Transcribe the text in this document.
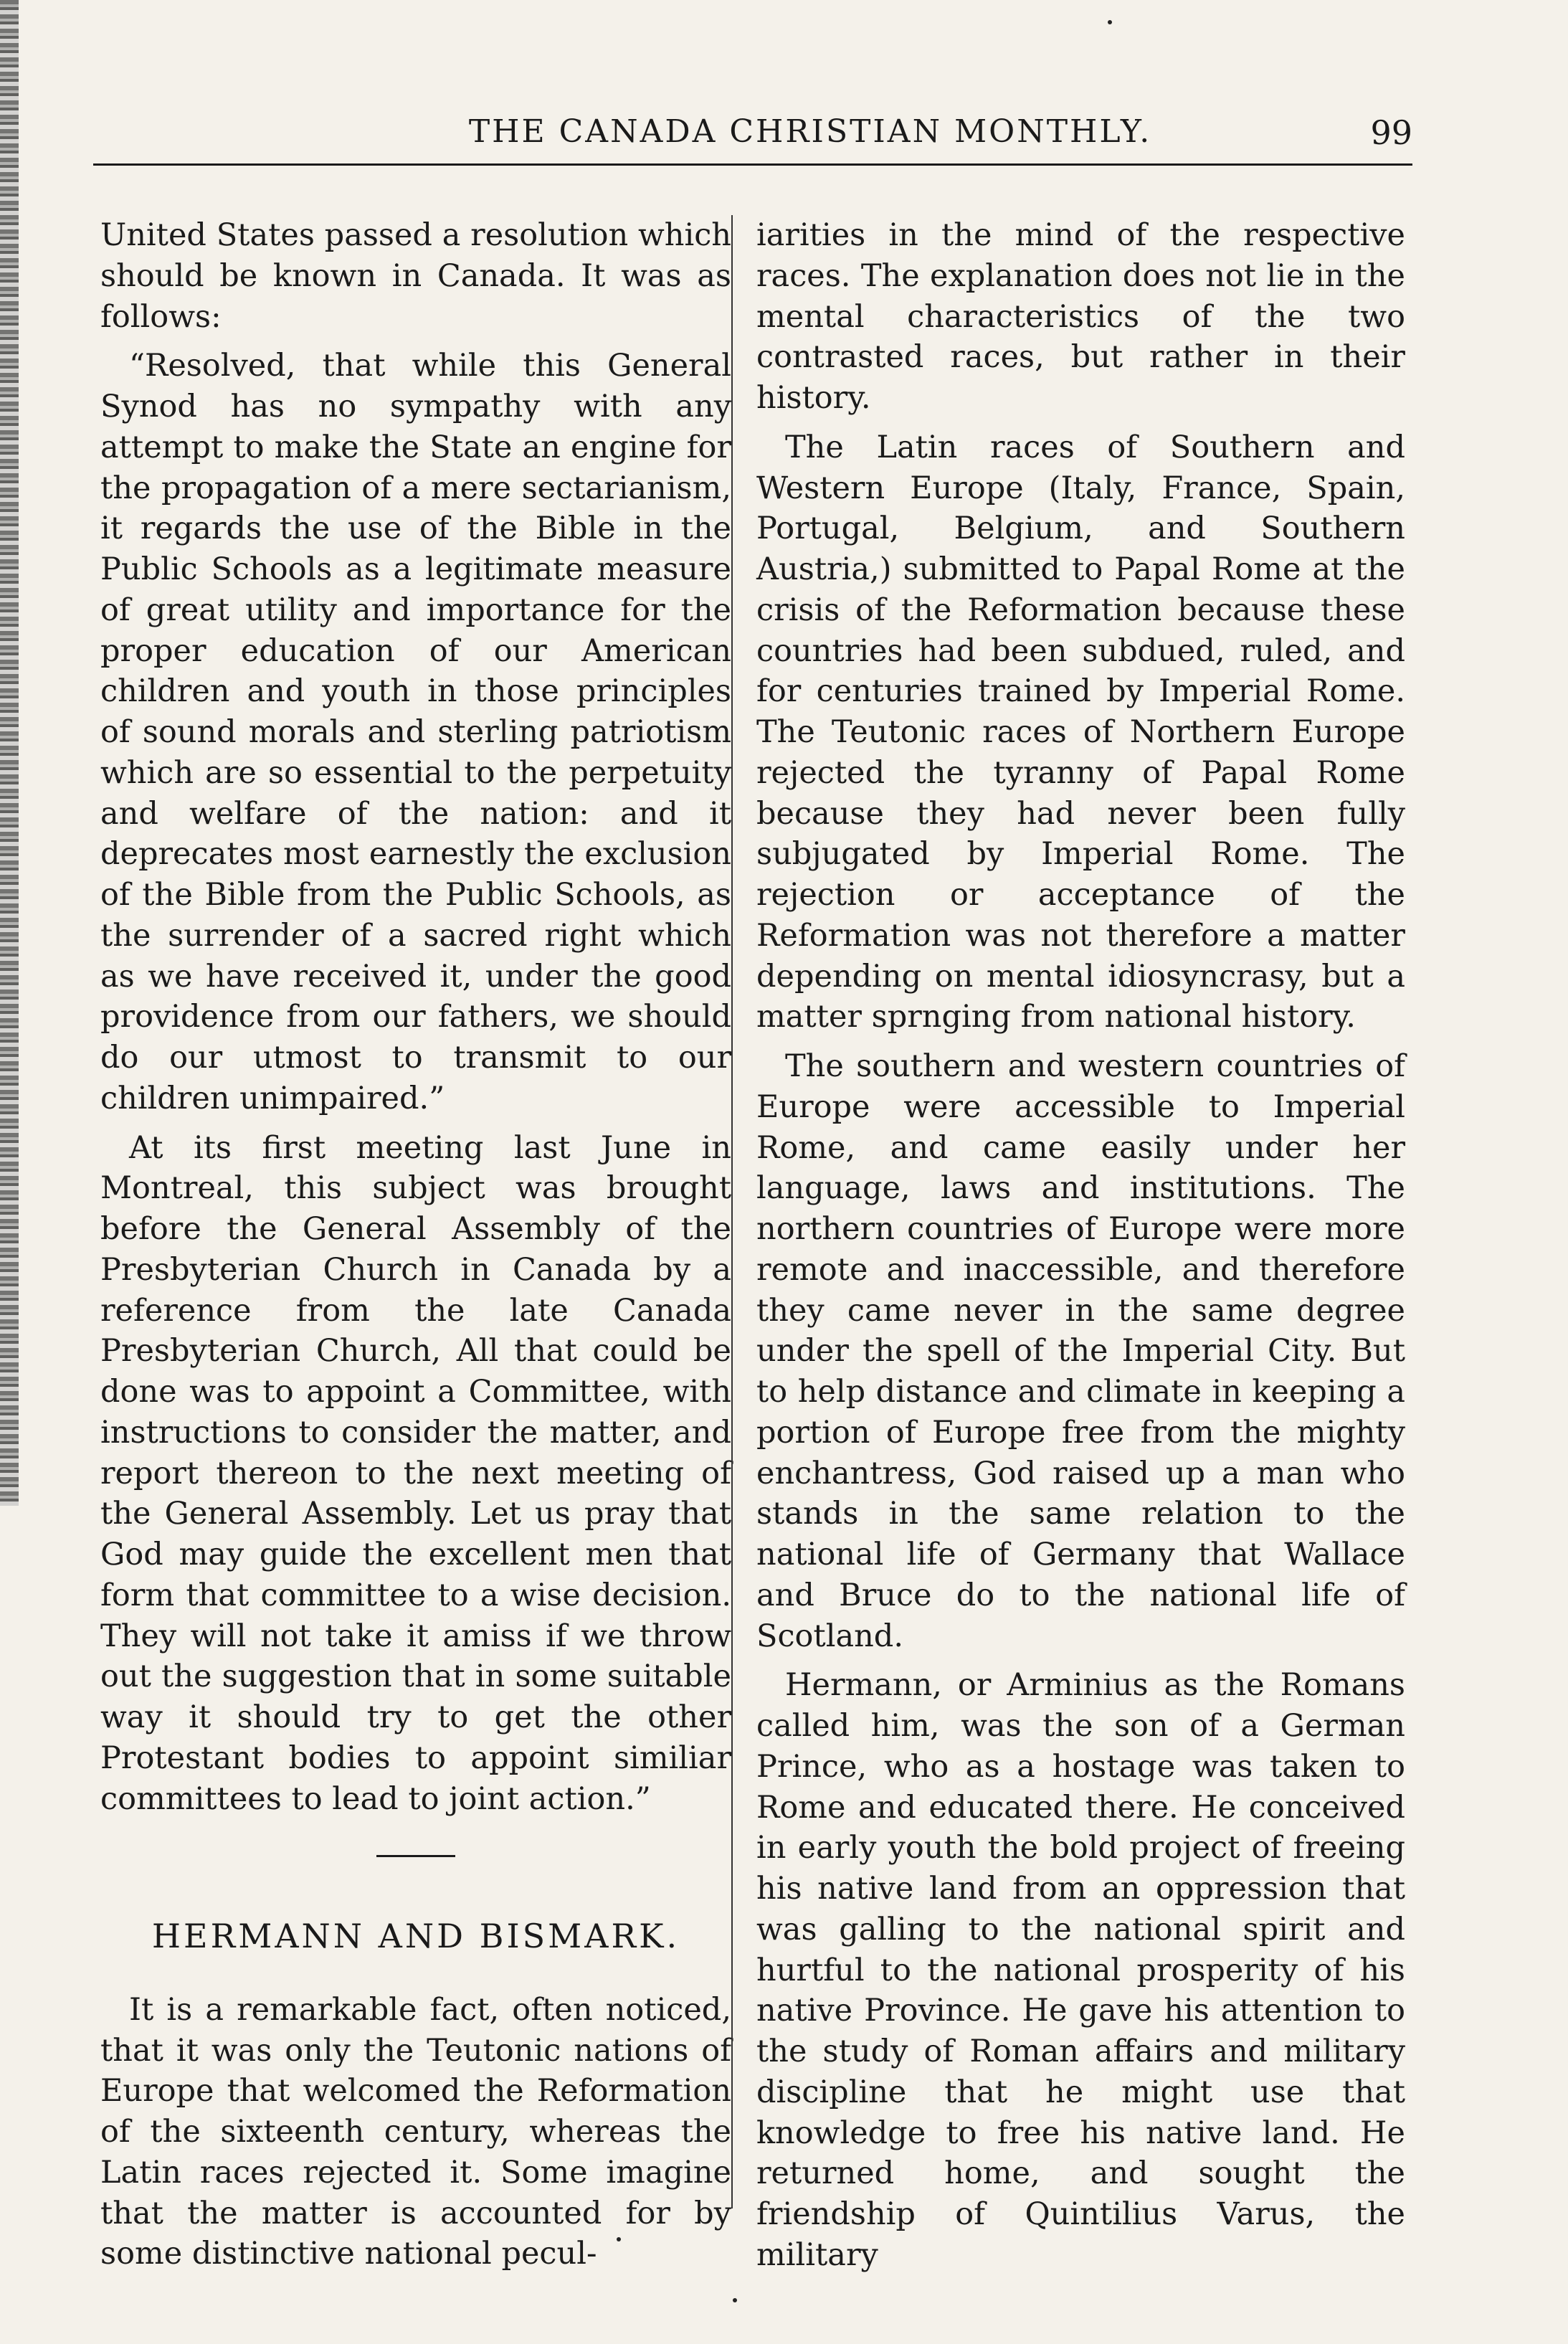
THE CANADA CHRISTIAN MONTHLY.	99

United States passed a resolution which should be known in Canada. It was as follows:

“Resolved, that while this General Synod has no sympathy with any attempt to make the State an engine for the propagation of a mere sectarianism, it regards the use of the Bible in the Public Schools as a legitimate measure of great utility and importance for the proper education of our American children and youth in those principles of sound morals and sterling patriotism which are so essential to the perpetuity and welfare of the nation: and it deprecates most earnestly the exclusion of the Bible from the Public Schools, as the surrender of a sacred right which as we have received it, under the good providence from our fathers, we should do our utmost to transmit to our children unimpaired.”

At its first meeting last June in Montreal, this subject was brought before the General Assembly of the Presbyterian Church in Canada by a reference from the late Canada Presbyterian Church, All that could be done was to appoint a Committee, with instructions to consider the matter, and report thereon to the next meeting of the General Assembly. Let us pray that God may guide the excellent men that form that committee to a wise decision. They will not take it amiss if we throw out the suggestion that in some suitable way it should try to get the other Protestant bodies to appoint similiar committees to lead to joint action.”

HERMANN AND BISMARK.

It is a remarkable fact, often noticed, that it was only the Teutonic nations of Europe that welcomed the Reformation of the sixteenth century, whereas the Latin races rejected it. Some imagine that the matter is accounted for by some distinctive national pecul-

iarities in the mind of the respective races. The explanation does not lie in the mental characteristics of the two contrasted races, but rather in their history.

The Latin races of Southern and Western Europe (Italy, France, Spain, Portugal, Belgium, and Southern Austria,) submitted to Papal Rome at the crisis of the Reformation because these countries had been subdued, ruled, and for centuries trained by Imperial Rome. The Teutonic races of Northern Europe rejected the tyranny of Papal Rome because they had never been fully subjugated by Imperial Rome. The rejection or acceptance of the Reformation was not therefore a matter depending on mental idiosyncrasy, but a matter sprnging from national history.

The southern and western countries of Europe were accessible to Imperial Rome, and came easily under her language, laws and institutions. The northern countries of Europe were more remote and inaccessible, and therefore they came never in the same degree under the spell of the Imperial City. But to help distance and climate in keeping a portion of Europe free from the mighty enchantress, God raised up a man who stands in the same relation to the national life of Germany that Wallace and Bruce do to the national life of Scotland.

Hermann, or Arminius as the Romans called him, was the son of a German Prince, who as a hostage was taken to Rome and educated there. He conceived in early youth the bold project of freeing his native land from an oppression that was galling to the national spirit and hurtful to the national prosperity of his native Province. He gave his attention to the study of Roman affairs and military discipline that he might use that knowledge to free his native land. He returned home, and sought the friendship of Quintilius Varus, the military
